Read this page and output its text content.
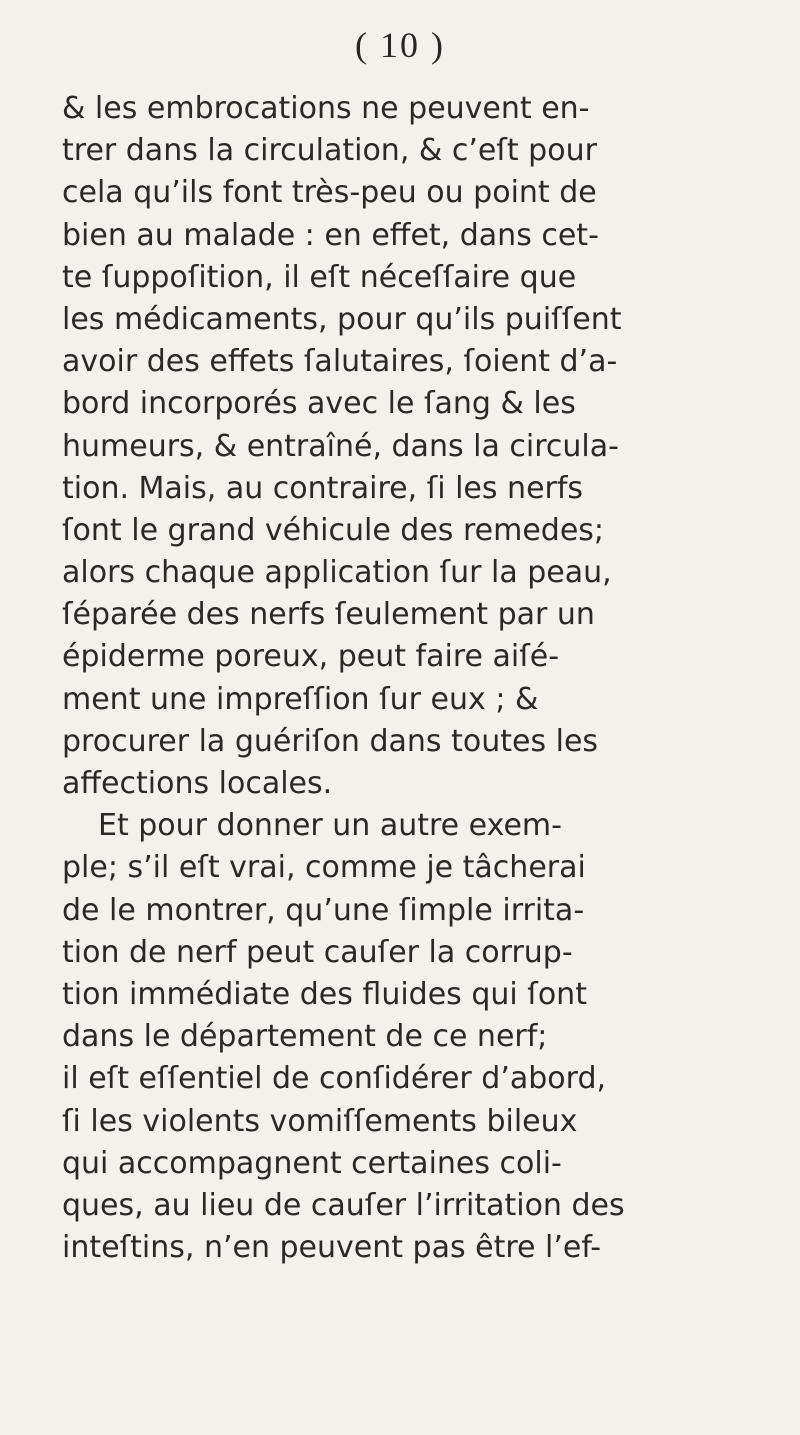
( 10 )
& les embrocations ne peuvent en-
trer dans la circulation, & c’eſt pour
cela qu’ils font très-peu ou point de
bien au malade : en effet, dans cet-
te ſuppoſition, il eſt néceſſaire que
les médicaments, pour qu’ils puiſſent
avoir des effets ſalutaires, ſoient d’a-
bord incorporés avec le ſang & les
humeurs, & entraîné, dans la circula-
tion. Mais, au contraire, ſi les nerfs
ſont le grand véhicule des remedes;
alors chaque application ſur la peau,
ſéparée des nerfs ſeulement par un
épiderme poreux, peut faire aiſé-
ment une impreſſion ſur eux ; &
procurer la guériſon dans toutes les
affections locales.
Et pour donner un autre exem-
ple; s’il eſt vrai, comme je tâcherai
de le montrer, qu’une ſimple irrita-
tion de nerf peut cauſer la corrup-
tion immédiate des fluides qui ſont
dans le département de ce nerf;
il eſt eſſentiel de conſidérer d’abord,
ſi les violents vomiſſements bileux
qui accompagnent certaines coli-
ques, au lieu de cauſer l’irritation des
inteſtins, n’en peuvent pas être l’ef-
